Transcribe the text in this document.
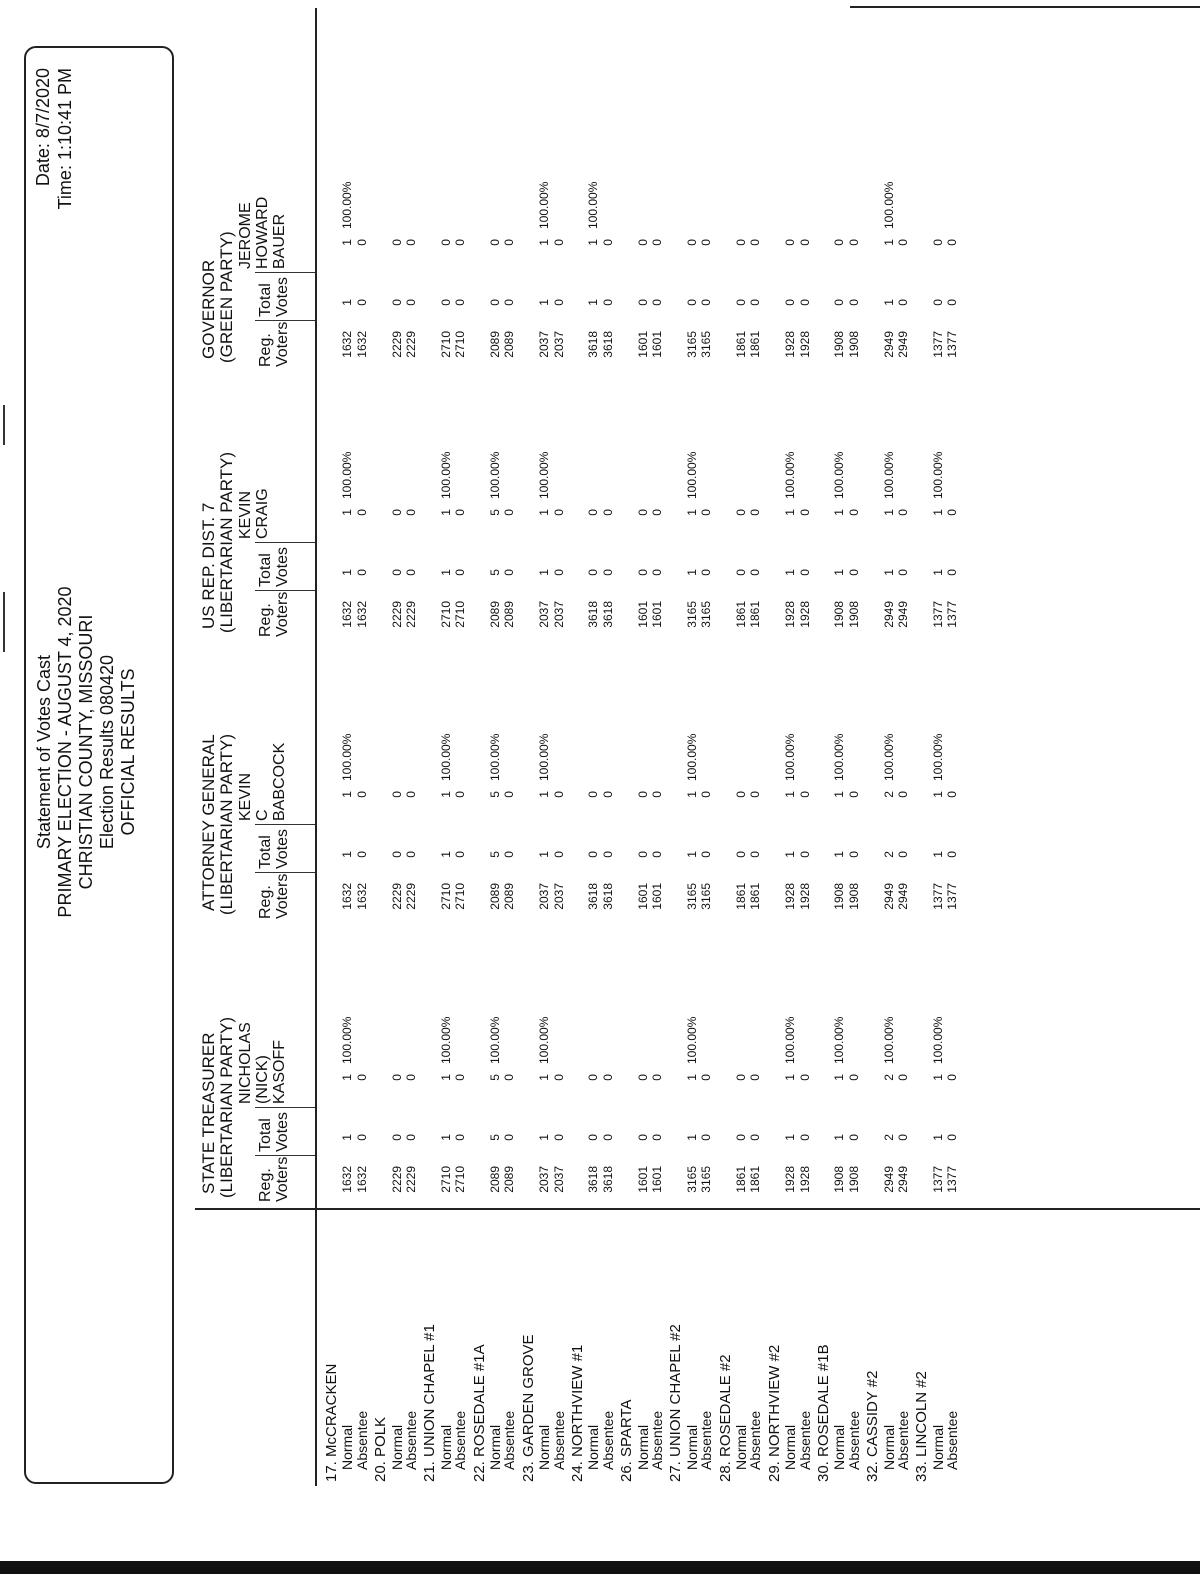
Statement of Votes Cast PRIMARY ELECTION - AUGUST 4, 2020 CHRISTIAN COUNTY, MISSOURI Election Results 080420 OFFICIAL RESULTS
Date: 8/7/2020 Time: 1:10:41 PM
STATE TREASURER (LIBERTARIAN PARTY) Reg. Voters
Total Votes
NICHOLAS (NICK) KASOFF
ATTORNEY GENERAL (LIBERTARIAN PARTY) Reg. Voters
Total Votes
KEVIN C BABCOCK
US REP. DIST. 7 (LIBERTARIAN PARTY) Reg. Voters
Total Votes
KEVIN CRAIG
GOVERNOR (GREEN PARTY) Reg. Voters
Total Votes
JEROME HOWARD BAUER
17. McCRACKEN Normal
1632
1
1
100.00%
1632
1
1
100.00%
1632
1
1
100.00%
1632
1
1
100.00%
Absentee
1632
0
0
1632
0
0
1632
0
0
1632
0
0
20. POLK Normal
2229
0
0
2229
0
0
2229
0
0
2229
0
0
Absentee
2229
0
0
2229
0
0
2229
0
0
2229
0
0
21. UNION CHAPEL #1 Normal
2710
1
1
100.00%
2710
1
1
100.00%
2710
1
1
100.00%
2710
0
0
Absentee
2710
0
0
2710
0
0
2710
0
0
2710
0
0
22. ROSEDALE #1A Normal
2089
5
5
100.00%
2089
5
5
100.00%
2089
5
5
100.00%
2089
0
0
Absentee
2089
0
0
2089
0
0
2089
0
0
2089
0
0
23. GARDEN GROVE Normal
2037
1
1
100.00%
2037
1
1
100.00%
2037
1
1
100.00%
2037
1
1
100.00%
Absentee
2037
0
0
2037
0
0
2037
0
0
2037
0
0
24. NORTHVIEW #1 Normal
3618
0
0
3618
0
0
3618
0
0
3618
1
1
100.00%
Absentee
3618
0
0
3618
0
0
3618
0
0
3618
0
0
26. SPARTA Normal
1601
0
0
1601
0
0
1601
0
0
1601
0
0
Absentee
1601
0
0
1601
0
0
1601
0
0
1601
0
0
27. UNION CHAPEL #2 Normal
3165
1
1
100.00%
3165
1
1
100.00%
3165
1
1
100.00%
3165
0
0
Absentee
3165
0
0
3165
0
0
3165
0
0
3165
0
0
28. ROSEDALE #2 Normal
1861
0
0
1861
0
0
1861
0
0
1861
0
0
Absentee
1861
0
0
1861
0
0
1861
0
0
1861
0
0
29. NORTHVIEW #2 Normal
1928
1
1
100.00%
1928
1
1
100.00%
1928
1
1
100.00%
1928
0
0
Absentee
1928
0
0
1928
0
0
1928
0
0
1928
0
0
30. ROSEDALE #1B Normal
1908
1
1
100.00%
1908
1
1
100.00%
1908
1
1
100.00%
1908
0
0
Absentee
1908
0
0
1908
0
0
1908
0
0
1908
0
0
32. CASSIDY #2 Normal
2949
2
2
100.00%
2949
2
2
100.00%
2949
1
1
100.00%
2949
1
1
100.00%
Absentee
2949
0
0
2949
0
0
2949
0
0
2949
0
0
33. LINCOLN #2 Normal
1377
1
1
100.00%
1377
1
1
100.00%
1377
1
1
100.00%
1377
0
0
Absentee
1377
0
0
1377
0
0
1377
0
0
1377
0
0
